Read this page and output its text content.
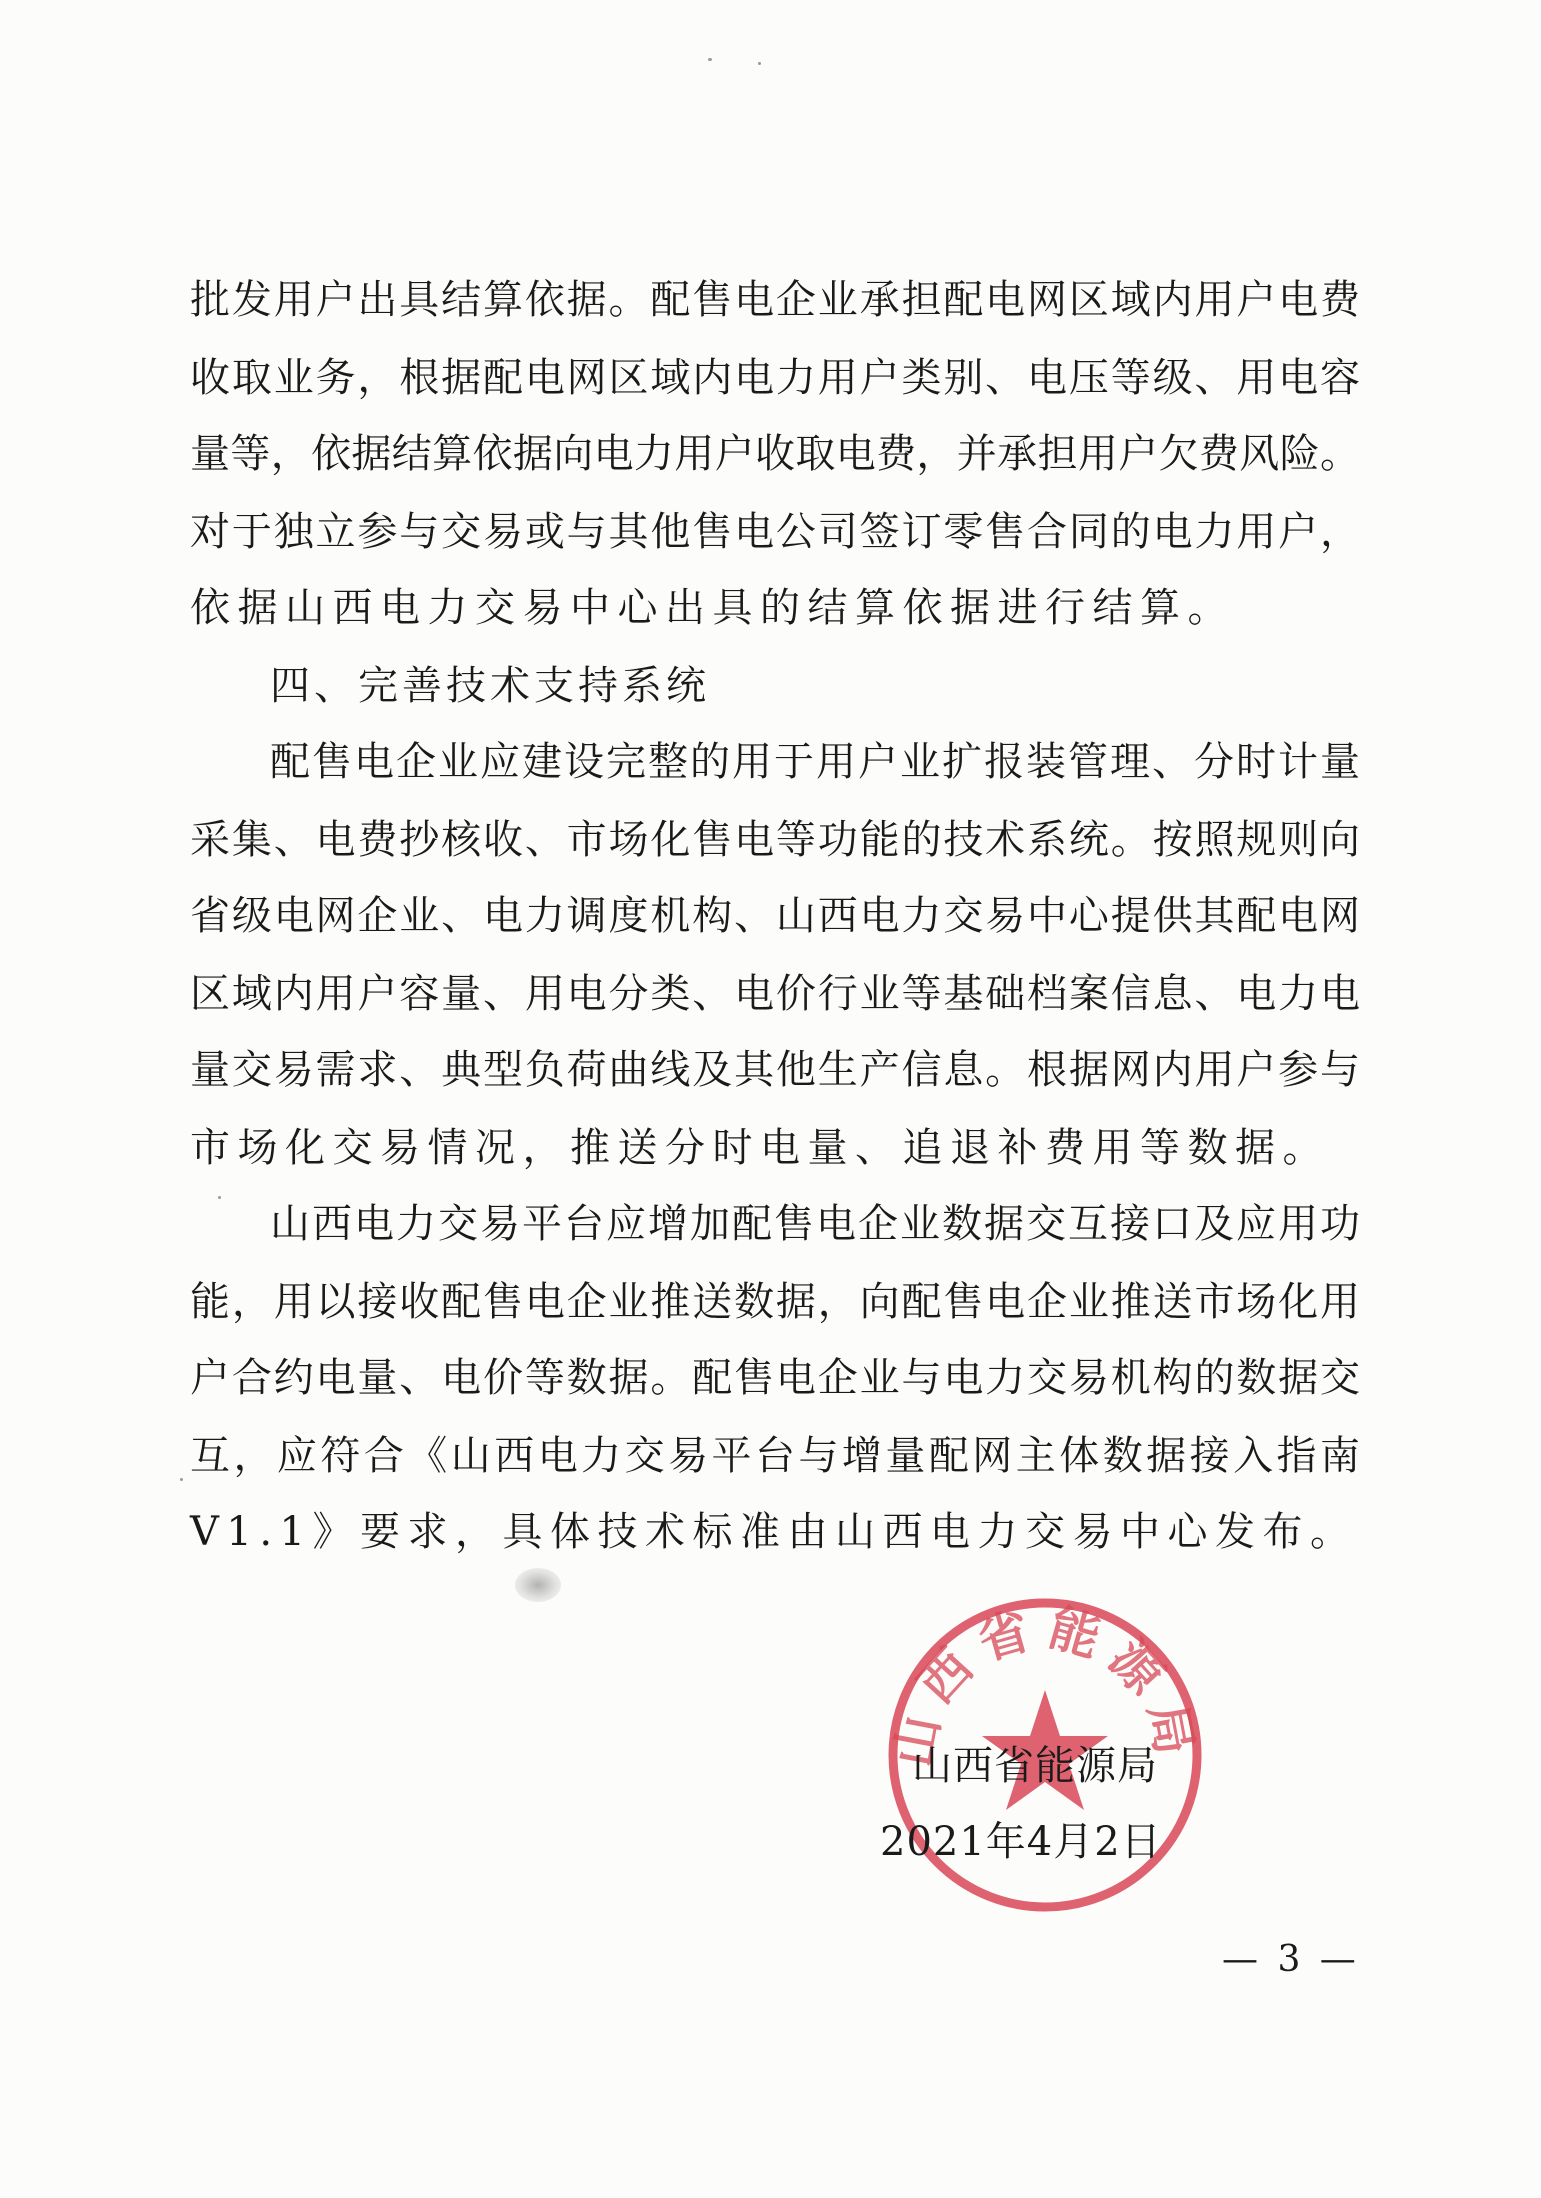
批发用户出具结算依据。配售电企业承担配电网区域内用户电费
收取业务，根据配电网区域内电力用户类别、电压等级、用电容
量等，依据结算依据向电力用户收取电费，并承担用户欠费风险。
对于独立参与交易或与其他售电公司签订零售合同的电力用户，
依据山西电力交易中心出具的结算依据进行结算。
四、完善技术支持系统
配售电企业应建设完整的用于用户业扩报装管理、分时计量
采集、电费抄核收、市场化售电等功能的技术系统。按照规则向
省级电网企业、电力调度机构、山西电力交易中心提供其配电网
区域内用户容量、用电分类、电价行业等基础档案信息、电力电
量交易需求、典型负荷曲线及其他生产信息。根据网内用户参与
市场化交易情况，推送分时电量、追退补费用等数据。
山西电力交易平台应增加配售电企业数据交互接口及应用功
能，用以接收配售电企业推送数据，向配售电企业推送市场化用
户合约电量、电价等数据。配售电企业与电力交易机构的数据交
互，应符合《山西电力交易平台与增量配网主体数据接入指南
V1.1》要求，具体技术标准由山西电力交易中心发布。
山西省能源局
山西省能源局
2021年4月2日
— 3 —
